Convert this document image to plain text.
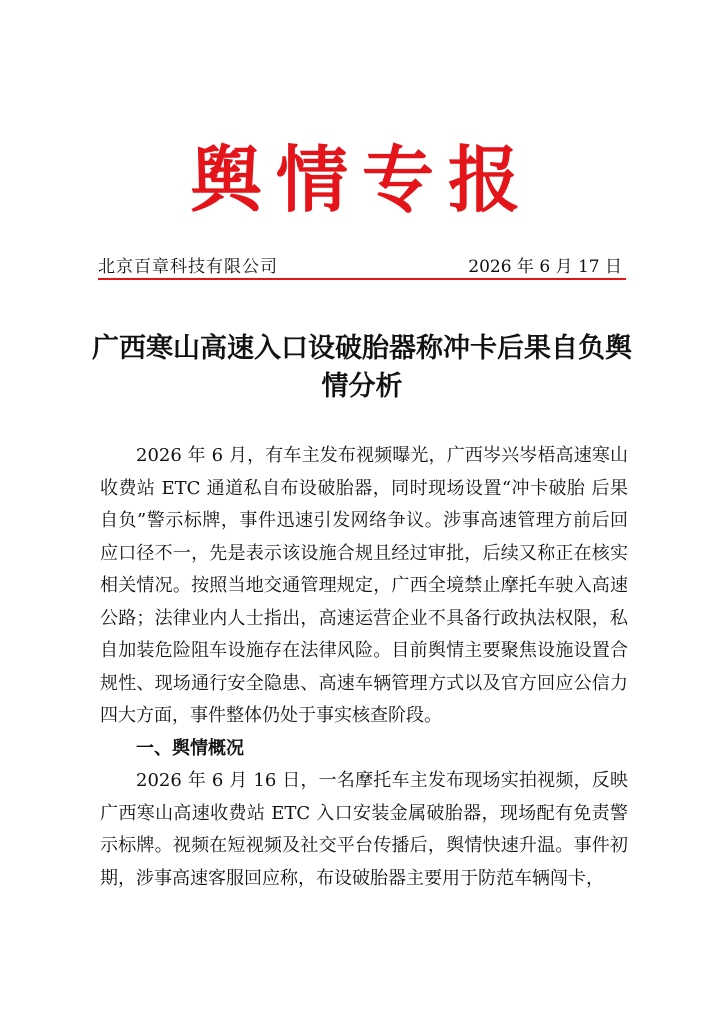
舆情专报
北京百章科技有限公司	2026 年 6 月 17 日
广西寒山高速入口设破胎器称冲卡后果自负舆情分析

2026 年 6 月，有车主发布视频曝光，广西岑兴岑梧高速寒山收费站 ETC 通道私自布设破胎器，同时现场设置“冲卡破胎 后果自负”警示标牌，事件迅速引发网络争议。涉事高速管理方前后回应口径不一，先是表示该设施合规且经过审批，后续又称正在核实相关情况。按照当地交通管理规定，广西全境禁止摩托车驶入高速公路；法律业内人士指出，高速运营企业不具备行政执法权限，私自加装危险阻车设施存在法律风险。目前舆情主要聚焦设施设置合规性、现场通行安全隐患、高速车辆管理方式以及官方回应公信力四大方面，事件整体仍处于事实核查阶段。

一、舆情概况

2026 年 6 月 16 日，一名摩托车主发布现场实拍视频，反映广西寒山高速收费站 ETC 入口安装金属破胎器，现场配有免责警示标牌。视频在短视频及社交平台传播后，舆情快速升温。事件初期，涉事高速客服回应称，布设破胎器主要用于防范车辆闯卡，
